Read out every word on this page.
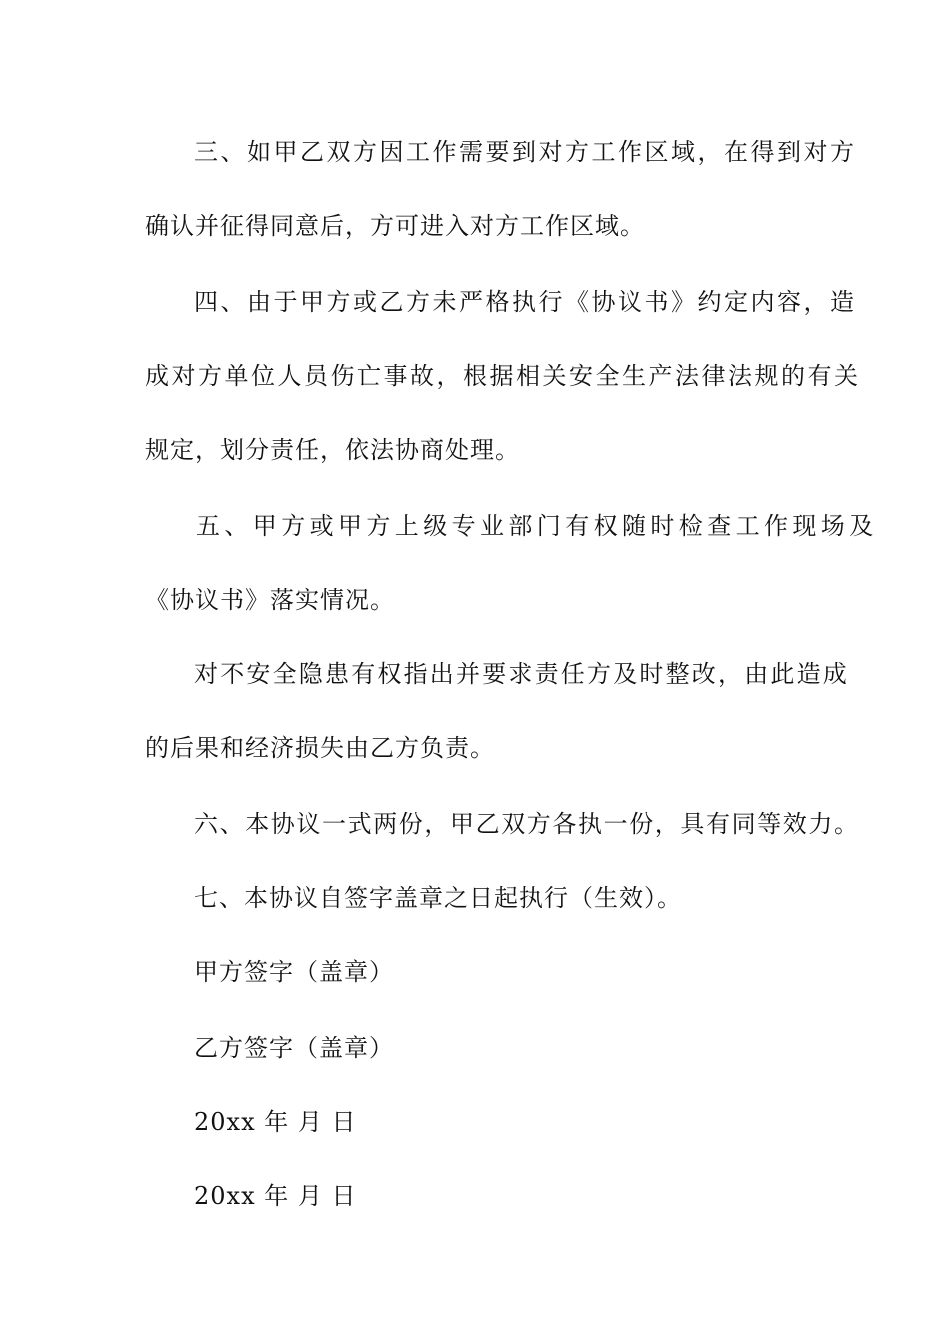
三、如甲乙双方因工作需要到对方工作区域，在得到对方
确认并征得同意后，方可进入对方工作区域。
四、由于甲方或乙方未严格执行《协议书》约定内容，造
成对方单位人员伤亡事故，根据相关安全生产法律法规的有关
规定，划分责任，依法协商处理。
五、甲方或甲方上级专业部门有权随时检查工作现场及
《协议书》落实情况。
对不安全隐患有权指出并要求责任方及时整改，由此造成
的后果和经济损失由乙方负责。
六、本协议一式两份，甲乙双方各执一份，具有同等效力。
七、本协议自签字盖章之日起执行（生效）。
甲方签字（盖章）
乙方签字（盖章）
20xx 年 月 日
20xx 年 月 日
